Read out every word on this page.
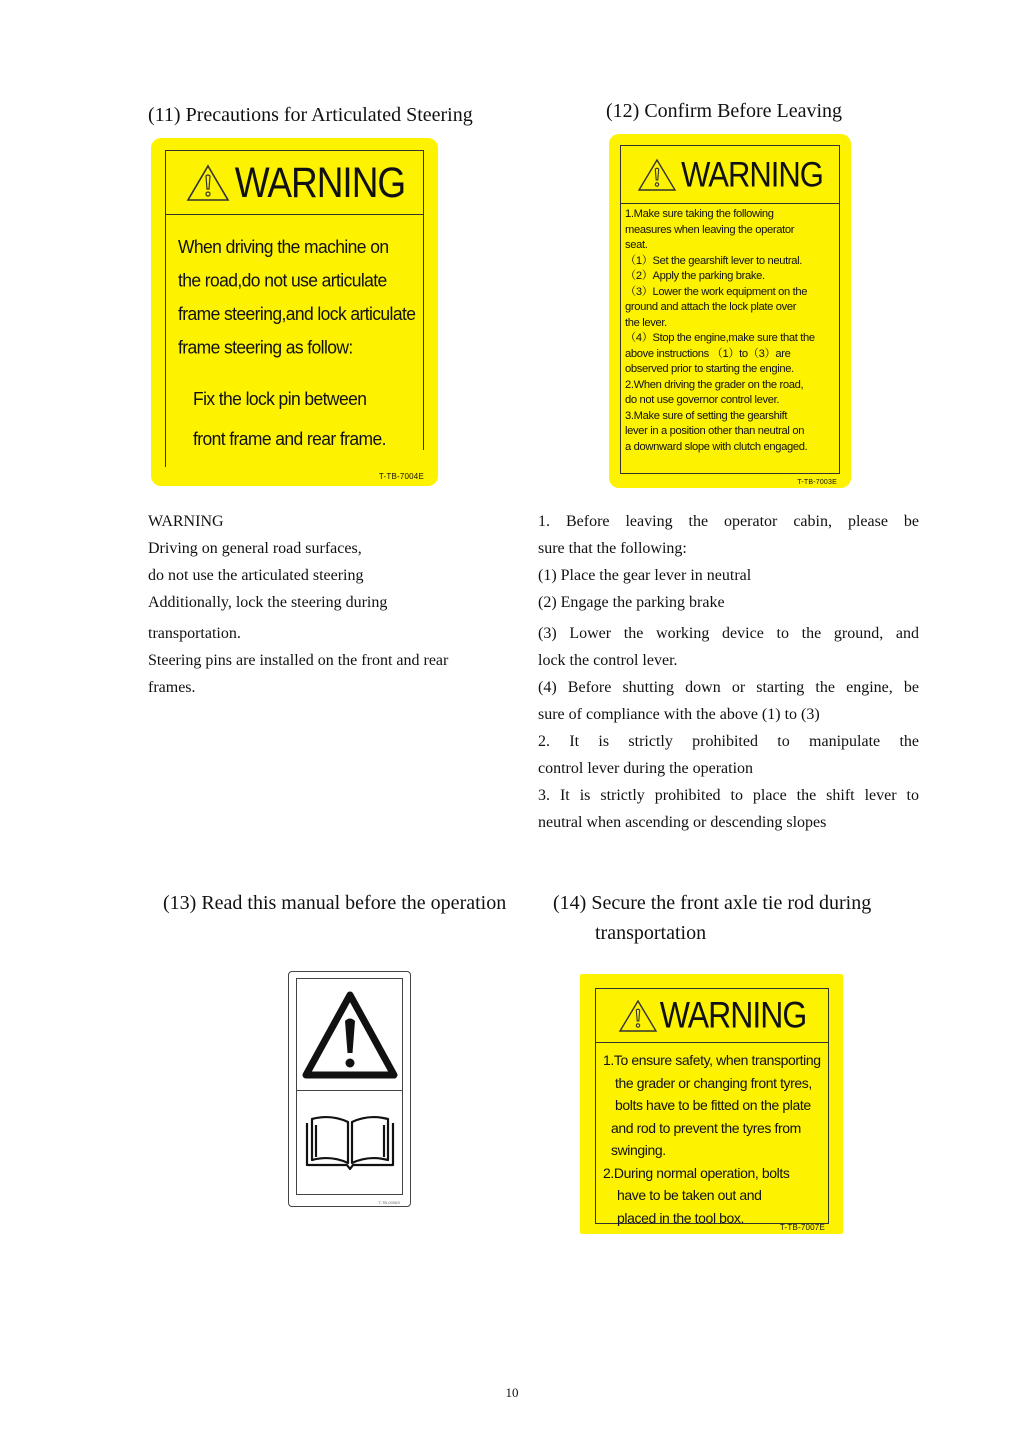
(11) Precautions for Articulated Steering
WARNING

When driving the machine on

the road,do not use articulate

frame steering,and lock articulate

frame steering as follow:

Fix the lock pin between

front frame and rear frame.

T-TB-7004E

WARNING

Driving on general road surfaces,

do not use the articulated steering

Additionally, lock the steering during

transportation.

Steering pins are installed on the front and rear

frames.

(12) Confirm Before Leaving
WARNING

1.Make sure taking the following

measures when leaving the operator

seat.

（1）Set the gearshift lever to neutral.

（2）Apply the parking brake.

（3）Lower the work equipment on the

ground and attach the lock plate over

the lever.

（4）Stop the engine,make sure that the

above instructions （1）to（3）are

observed prior to starting the engine.

2.When driving the grader on the road,

do not use governor control lever.

3.Make sure of setting the gearshift

lever in a position other than neutral on

a downward slope with clutch engaged.

T-TB-7003E

1. Before leaving the operator cabin, please be

sure that the following:

(1) Place the gear lever in neutral

(2) Engage the parking brake

(3) Lower the working device to the ground, and

lock the control lever.

(4) Before shutting down or starting the engine, be

sure of compliance with the above (1) to (3)

2. It is strictly prohibited to manipulate the

control lever during the operation

3. It is strictly prohibited to place the shift lever to

neutral when ascending or descending slopes

(13) Read this manual before the operation
T-TB-0006S
(14) Secure the front axle tie rod during
transportation
WARNING

1.To ensure safety, when transporting

the grader or changing front tyres,

bolts have to be fitted on the plate

and rod to prevent the tyres from

swinging.

2.During normal operation, bolts

have to be taken out and

placed in the tool box.

T-TB-7007E
10
